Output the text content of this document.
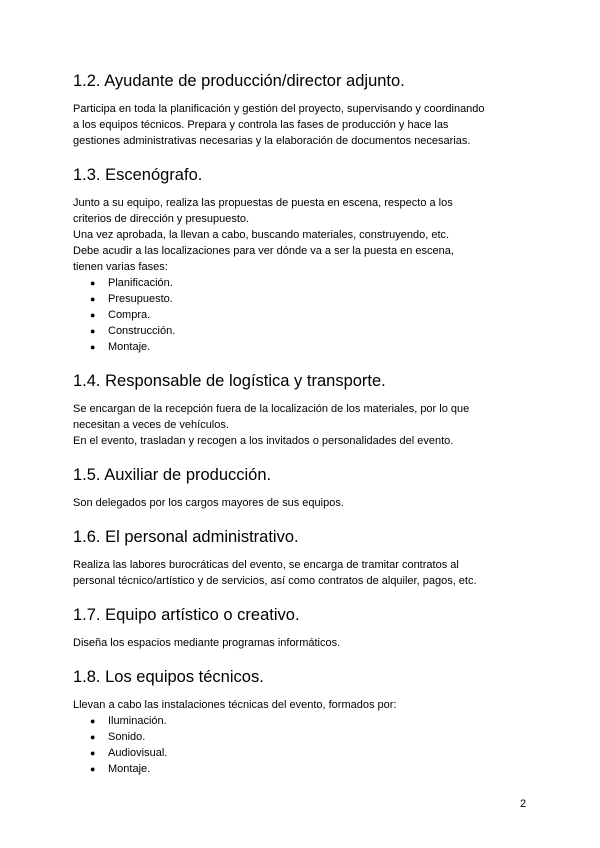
1.2. Ayudante de producción/director adjunto.

Participa en toda la planificación y gestión del proyecto, supervisando y coordinando

a los equipos técnicos. Prepara y controla las fases de producción y hace las

gestiones administrativas necesarias y la elaboración de documentos necesarias.

1.3. Escenógrafo.

Junto a su equipo, realiza las propuestas de puesta en escena, respecto a los

criterios de dirección y presupuesto.

Una vez aprobada, la llevan a cabo, buscando materiales, construyendo, etc.

Debe acudir a las localizaciones para ver dónde va a ser la puesta en escena,

tienen varias fases:

● Planificación.
● Presupuesto.
● Compra.
● Construcción.
● Montaje.
1.4. Responsable de logística y transporte.

Se encargan de la recepción fuera de la localización de los materiales, por lo que

necesitan a veces de vehículos.

En el evento, trasladan y recogen a los invitados o personalidades del evento.

1.5. Auxiliar de producción.

Son delegados por los cargos mayores de sus equipos.

1.6. El personal administrativo.

Realiza las labores burocráticas del evento, se encarga de tramitar contratos al

personal técnico/artístico y de servicios, así como contratos de alquiler, pagos, etc.

1.7. Equipo artístico o creativo.

Diseña los espacios mediante programas informáticos.

1.8. Los equipos técnicos.

Llevan a cabo las instalaciones técnicas del evento, formados por:

● Iluminación.
● Sonido.
● Audiovisual.
● Montaje.
2
